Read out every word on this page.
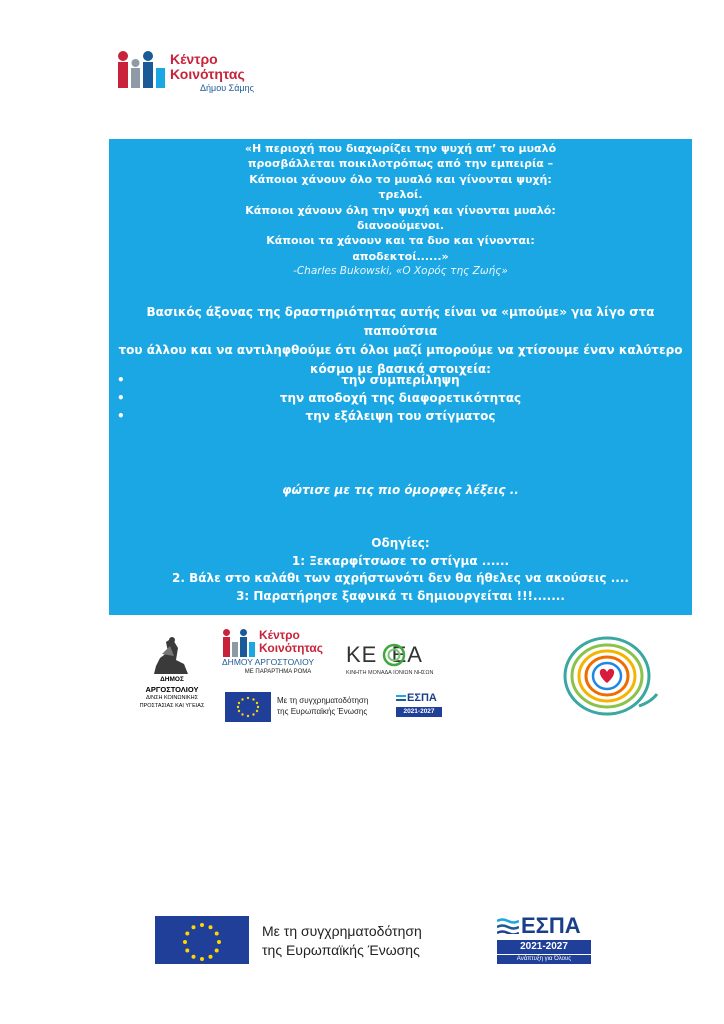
Κέντρο
Κοινότητας
Δήμου Σάμης
«Η περιοχή που διαχωρίζει την ψυχή απ’ το μυαλό
προσβάλλεται ποικιλοτρόπως από την εμπειρία –
Κάποιοι χάνουν όλο το μυαλό και γίνονται ψυχή:
τρελοί.
Κάποιοι χάνουν όλη την ψυχή και γίνονται μυαλό:
διανοούμενοι.
Κάποιοι τα χάνουν και τα δυο και γίνονται:
αποδεκτοί......»
-Charles Bukowski, «Ο Χορός της Ζωής»
Βασικός άξονας της δραστηριότητας αυτής είναι να «μπούμε» για λίγο στα παπούτσια
του άλλου και να αντιληφθούμε ότι όλοι μαζί μπορούμε να χτίσουμε έναν καλύτερο
κόσμο με βασικά στοιχεία:
•	την συμπερίληψη
•	την αποδοχή της διαφορετικότητας
•	την εξάλειψη του στίγματος
φώτισε με τις πιο όμορφες λέξεις ..
Οδηγίες:
1: Ξεκαρφίτσωσε το στίγμα ......
2. Βάλε στο καλάθι των αχρήστωνότι δεν θα ήθελες να ακούσεις ....
3: Παρατήρησε ξαφνικά τι δημιουργείται !!!.......
ΔΗΜΟΣ
ΑΡΓΟΣΤΟΛΙΟΥ
Δ/ΝΣΗ ΚΟΙΝΩΝΙΚΗΣ
ΠΡΟΣΤΑΣΙΑΣ ΚΑΙ ΥΓΕΙΑΣ
Κέντρο
Κοινότητας
ΔΗΜΟΥ ΑΡΓΟΣΤΟΛΙΟΥ
ΜΕ ΠΑΡΑΡΤΗΜΑ ΡΟΜΑ
ΚΕ  ΕΑ
ΚΙΝΗΤΗ ΜΟΝΑΔΑ ΙΟΝΙΩΝ ΝΗΣΩΝ
Με τη συγχρηματοδότηση
της Ευρωπαϊκής Ένωσης
ΕΣΠΑ
2021-2027
Με τη συγχρηματοδότηση
της Ευρωπαϊκής Ένωσης
ΕΣΠΑ
2021-2027
Ανάπτυξη για Όλους
